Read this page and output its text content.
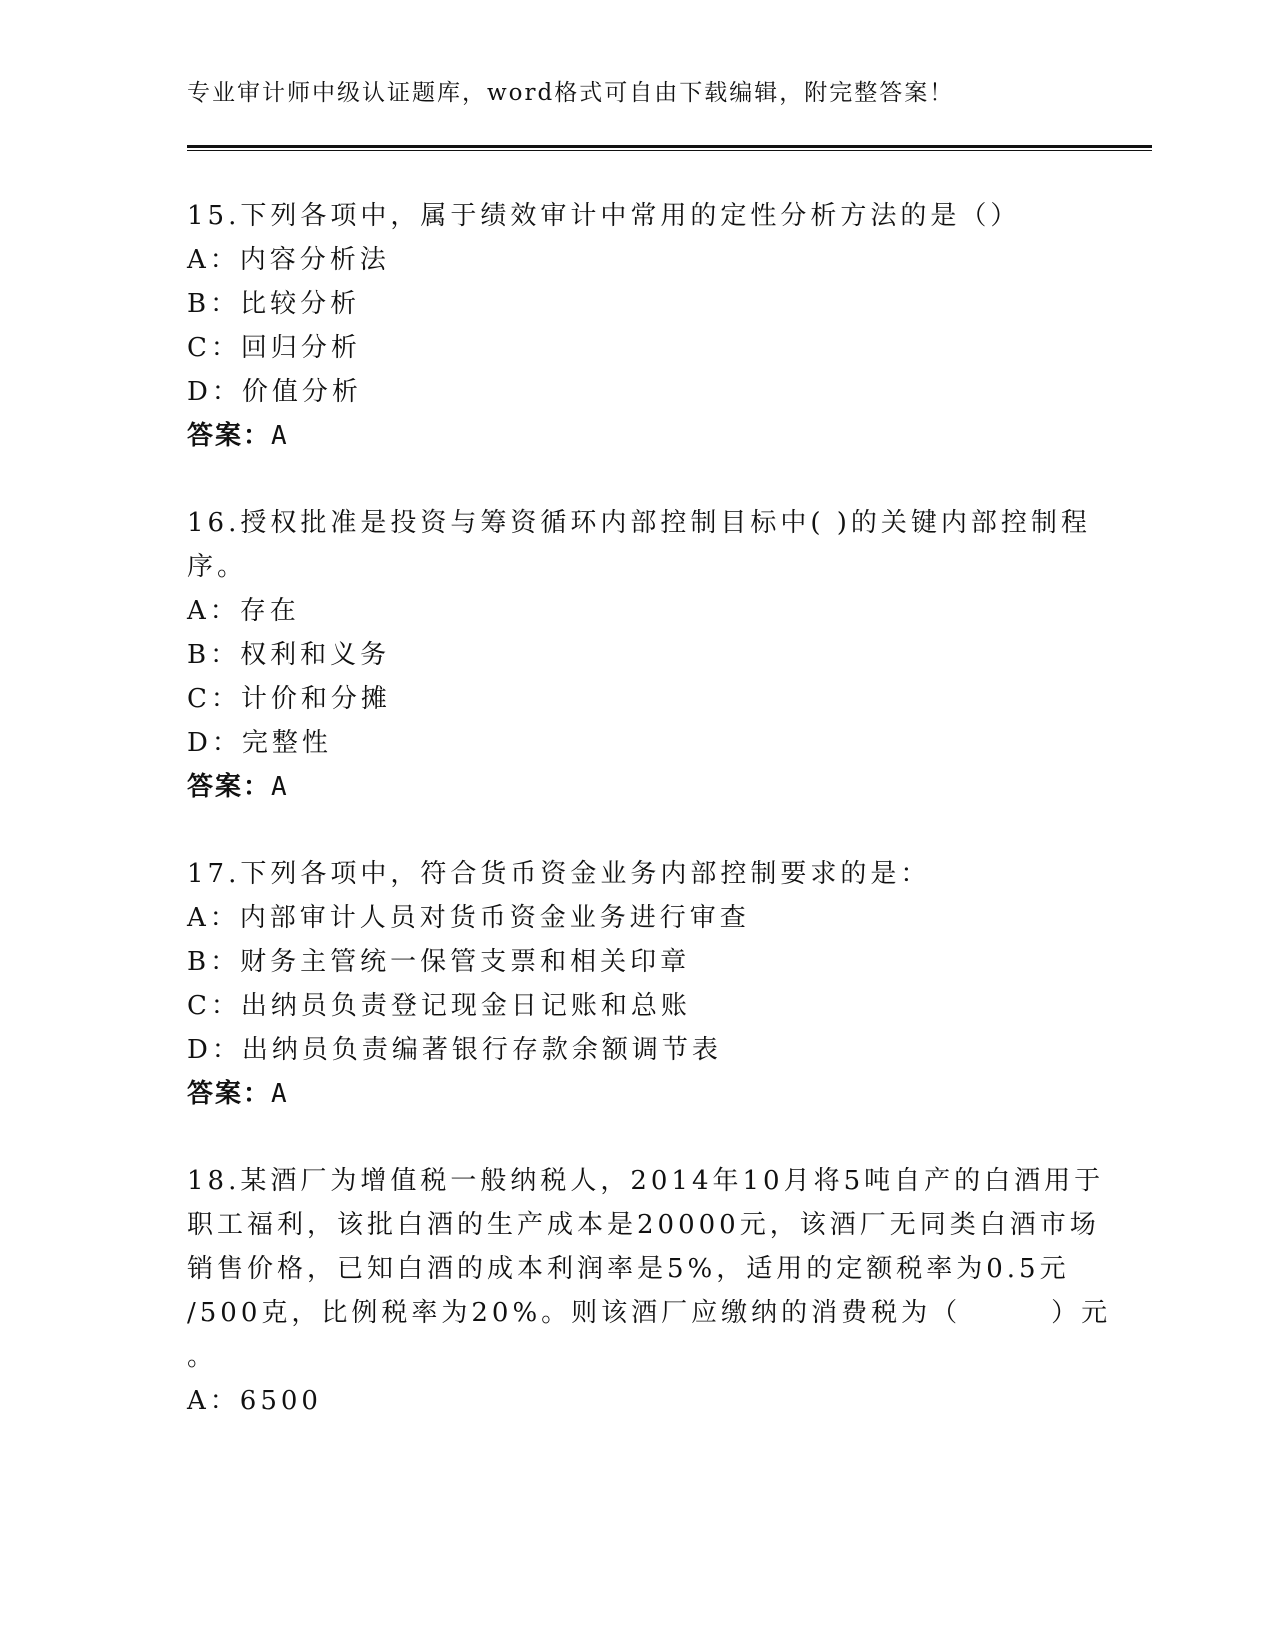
专业审计师中级认证题库，word格式可自由下载编辑，附完整答案！
15.下列各项中，属于绩效审计中常用的定性分析方法的是（）
A：内容分析法
B：比较分析
C：回归分析
D：价值分析
答案：A
16.授权批准是投资与筹资循环内部控制目标中( )的关键内部控制程
序。
A：存在
B：权利和义务
C：计价和分摊
D：完整性
答案：A
17.下列各项中，符合货币资金业务内部控制要求的是：
A：内部审计人员对货币资金业务进行审查
B：财务主管统一保管支票和相关印章
C：出纳员负责登记现金日记账和总账
D：出纳员负责编著银行存款余额调节表
答案：A
18.某酒厂为增值税一般纳税人，2014年10月将5吨自产的白酒用于
职工福利，该批白酒的生产成本是20000元，该酒厂无同类白酒市场
销售价格，已知白酒的成本利润率是5%，适用的定额税率为0.5元
/500克，比例税率为20%。则该酒厂应缴纳的消费税为（　　　）元
。
A：6500
